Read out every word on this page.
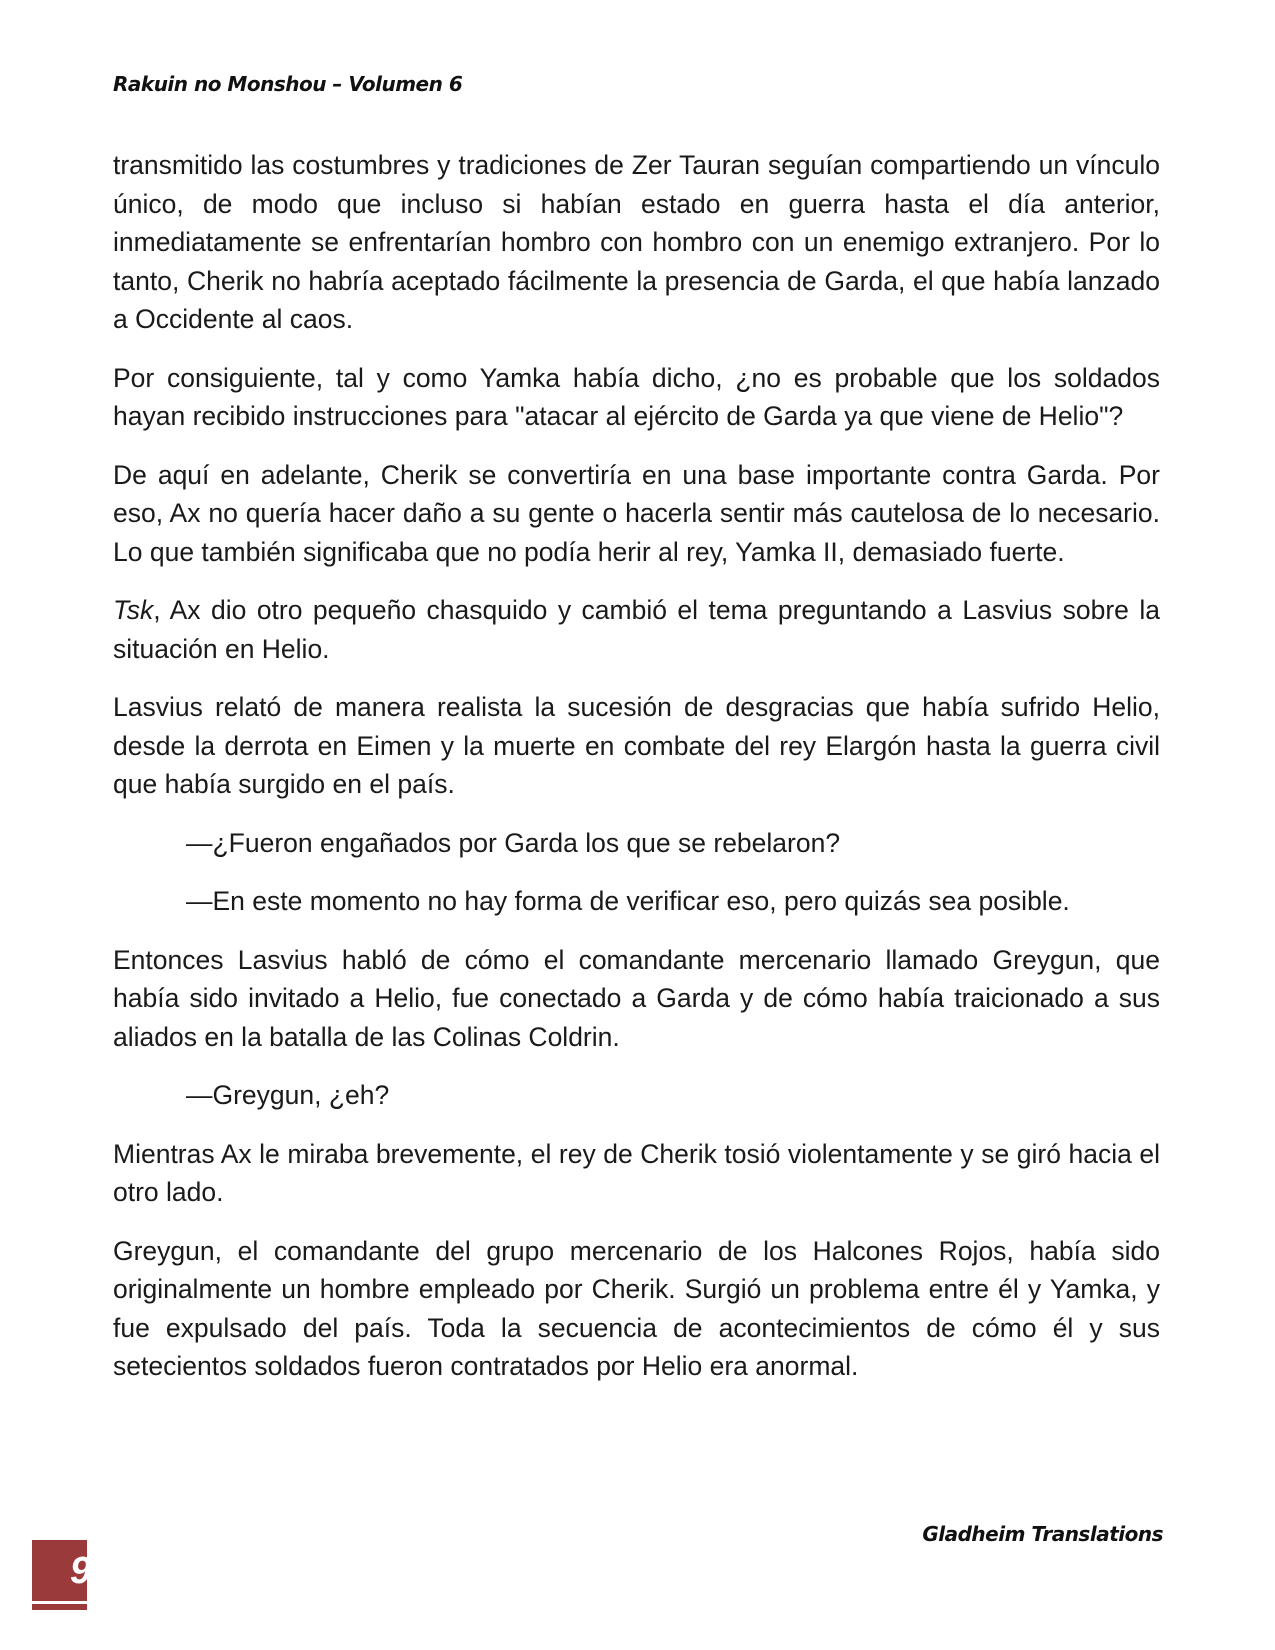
Rakuin no Monshou – Volumen 6

transmitido las costumbres y tradiciones de Zer Tauran seguían compartiendo un vínculo único, de modo que incluso si habían estado en guerra hasta el día anterior, inmediatamente se enfrentarían hombro con hombro con un enemigo extranjero. Por lo tanto, Cherik no habría aceptado fácilmente la presencia de Garda, el que había lanzado a Occidente al caos.

Por consiguiente, tal y como Yamka había dicho, ¿no es probable que los soldados hayan recibido instrucciones para "atacar al ejército de Garda ya que viene de Helio"?

De aquí en adelante, Cherik se convertiría en una base importante contra Garda. Por eso, Ax no quería hacer daño a su gente o hacerla sentir más cautelosa de lo necesario. Lo que también significaba que no podía herir al rey, Yamka II, demasiado fuerte.

Tsk, Ax dio otro pequeño chasquido y cambió el tema preguntando a Lasvius sobre la situación en Helio.

Lasvius relató de manera realista la sucesión de desgracias que había sufrido Helio, desde la derrota en Eimen y la muerte en combate del rey Elargón hasta la guerra civil que había surgido en el país.

—¿Fueron engañados por Garda los que se rebelaron?

—En este momento no hay forma de verificar eso, pero quizás sea posible.

Entonces Lasvius habló de cómo el comandante mercenario llamado Greygun, que había sido invitado a Helio, fue conectado a Garda y de cómo había traicionado a sus aliados en la batalla de las Colinas Coldrin.

—Greygun, ¿eh?

Mientras Ax le miraba brevemente, el rey de Cherik tosió violentamente y se giró hacia el otro lado.

Greygun, el comandante del grupo mercenario de los Halcones Rojos, había sido originalmente un hombre empleado por Cherik. Surgió un problema entre él y Yamka, y fue expulsado del país. Toda la secuencia de acontecimientos de cómo él y sus setecientos soldados fueron contratados por Helio era anormal.

Gladheim Translations
9
